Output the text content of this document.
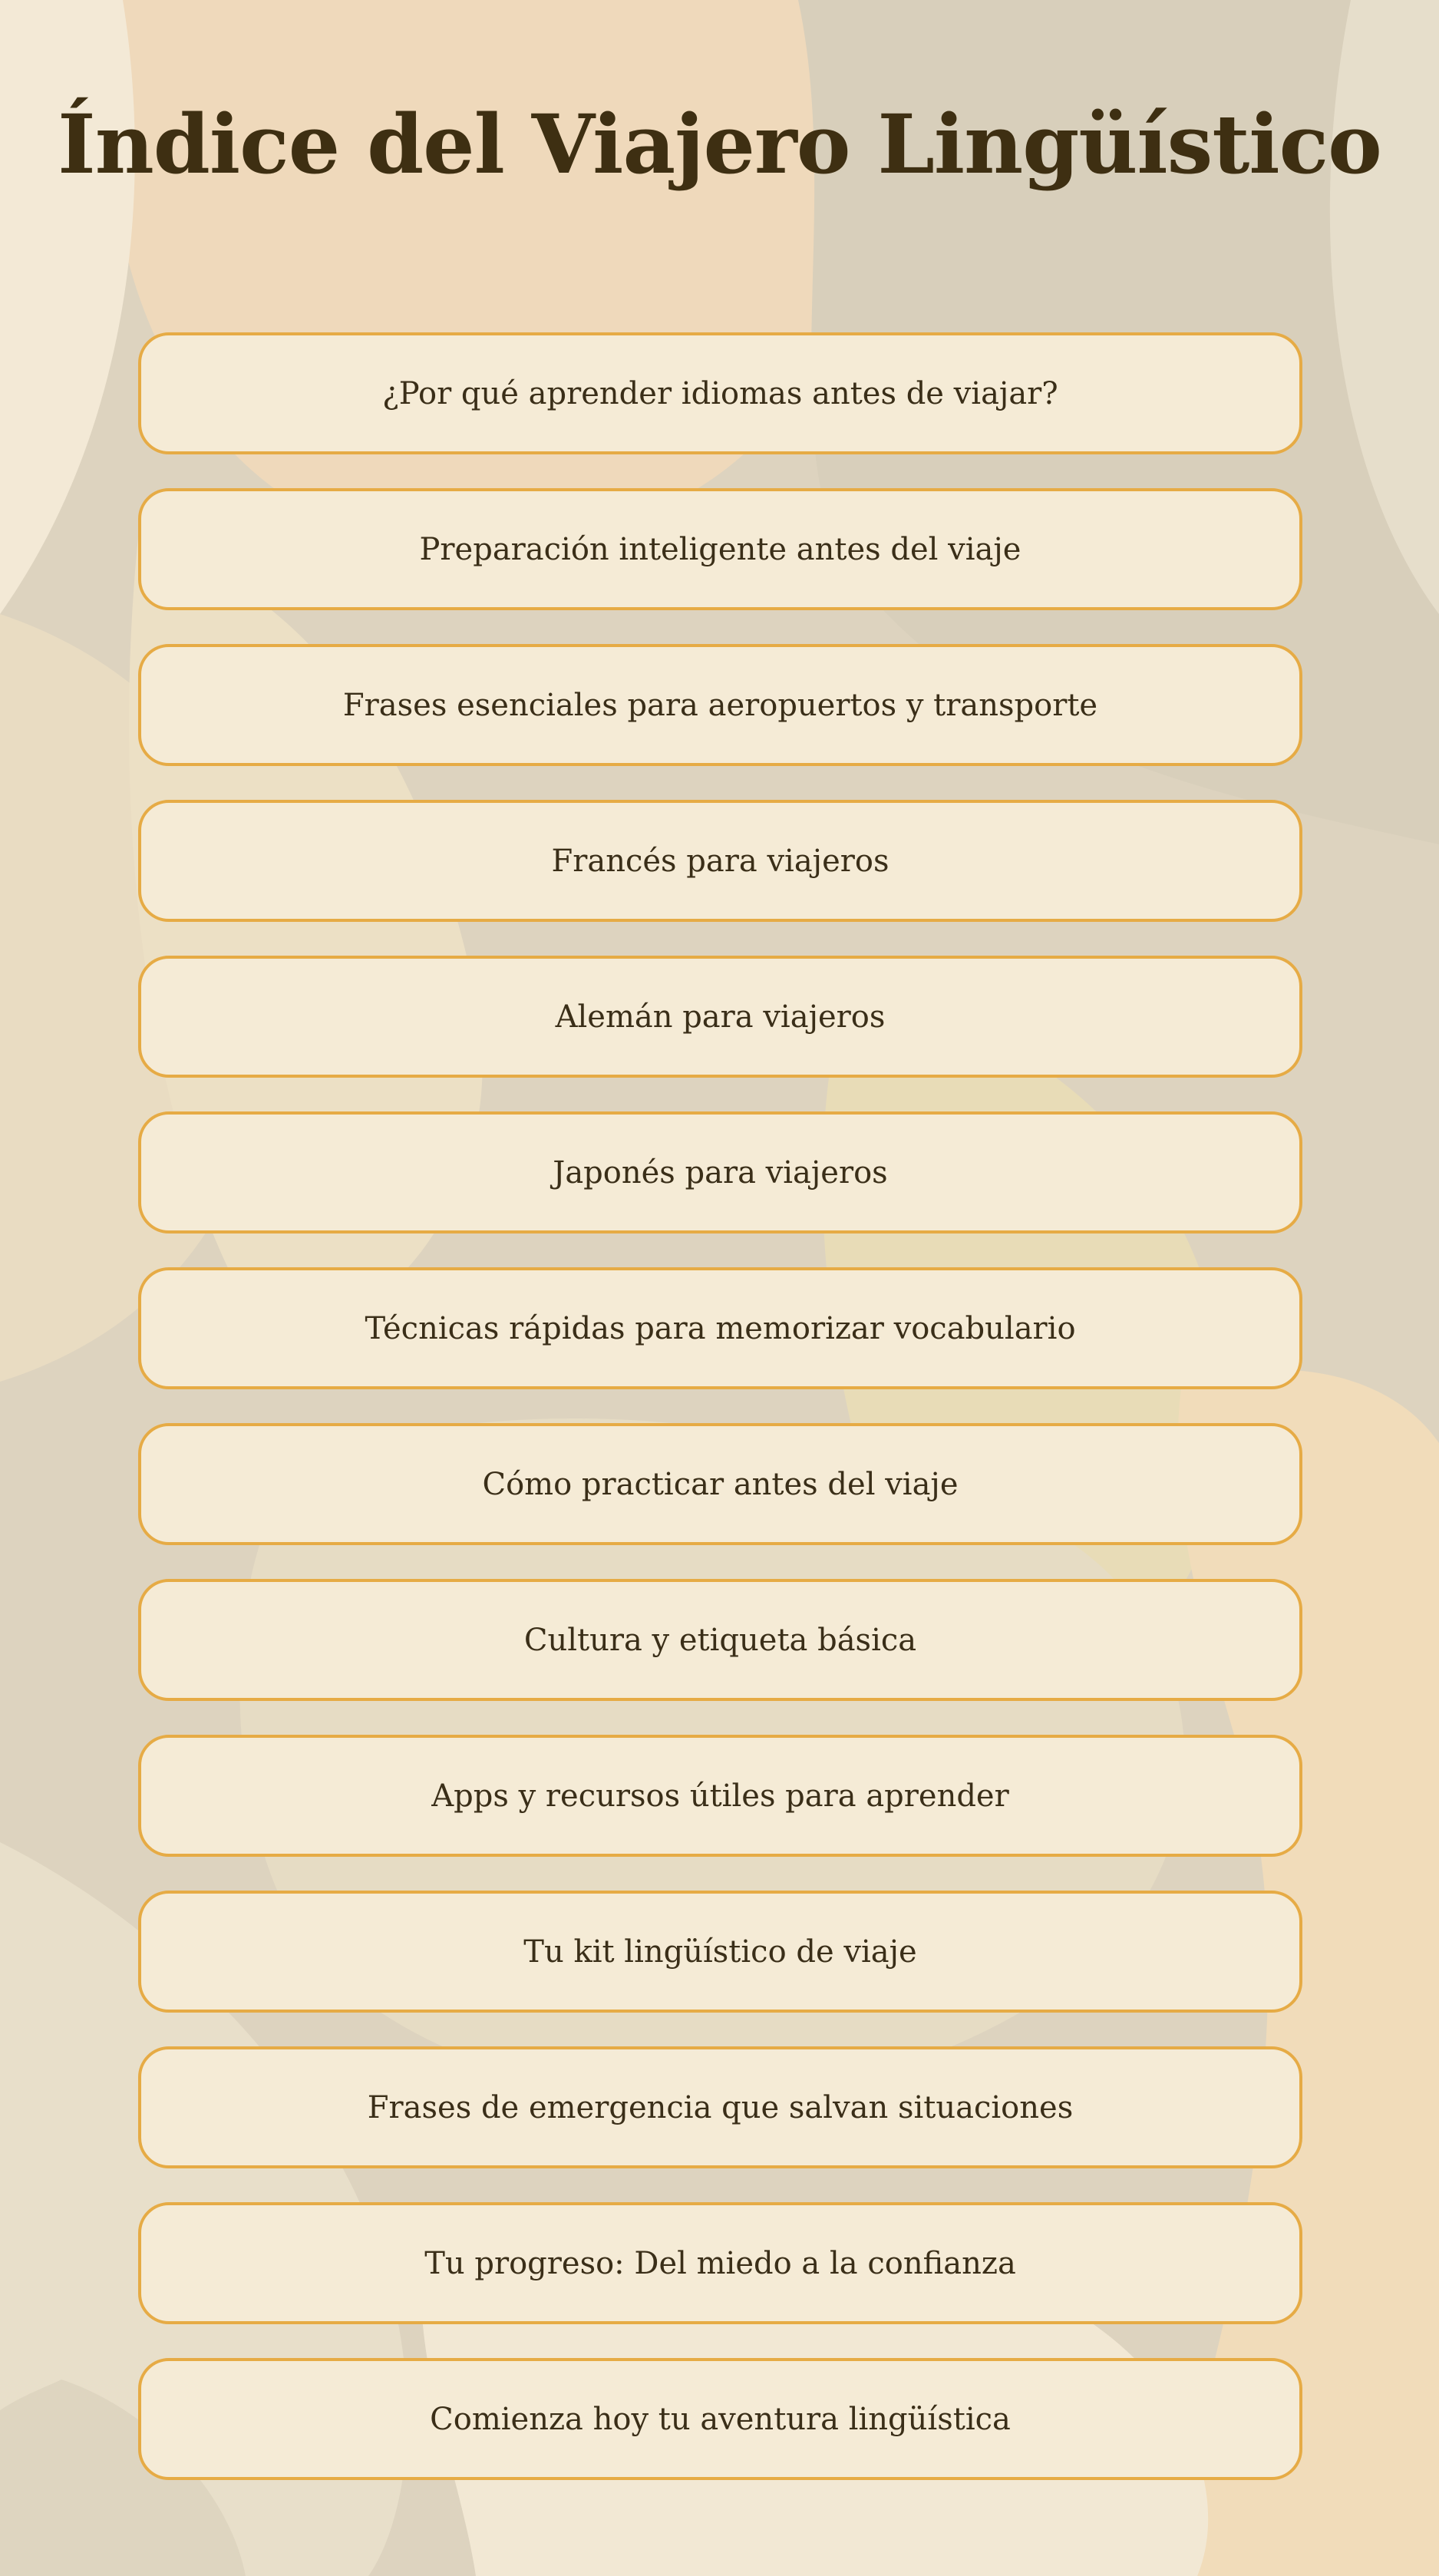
Índice del Viajero Lingüístico
¿Por qué aprender idiomas antes de viajar?
Preparación inteligente antes del viaje
Frases esenciales para aeropuertos y transporte
Francés para viajeros
Alemán para viajeros
Japonés para viajeros
Técnicas rápidas para memorizar vocabulario
Cómo practicar antes del viaje
Cultura y etiqueta básica
Apps y recursos útiles para aprender
Tu kit lingüístico de viaje
Frases de emergencia que salvan situaciones
Tu progreso: Del miedo a la confianza
Comienza hoy tu aventura lingüística
